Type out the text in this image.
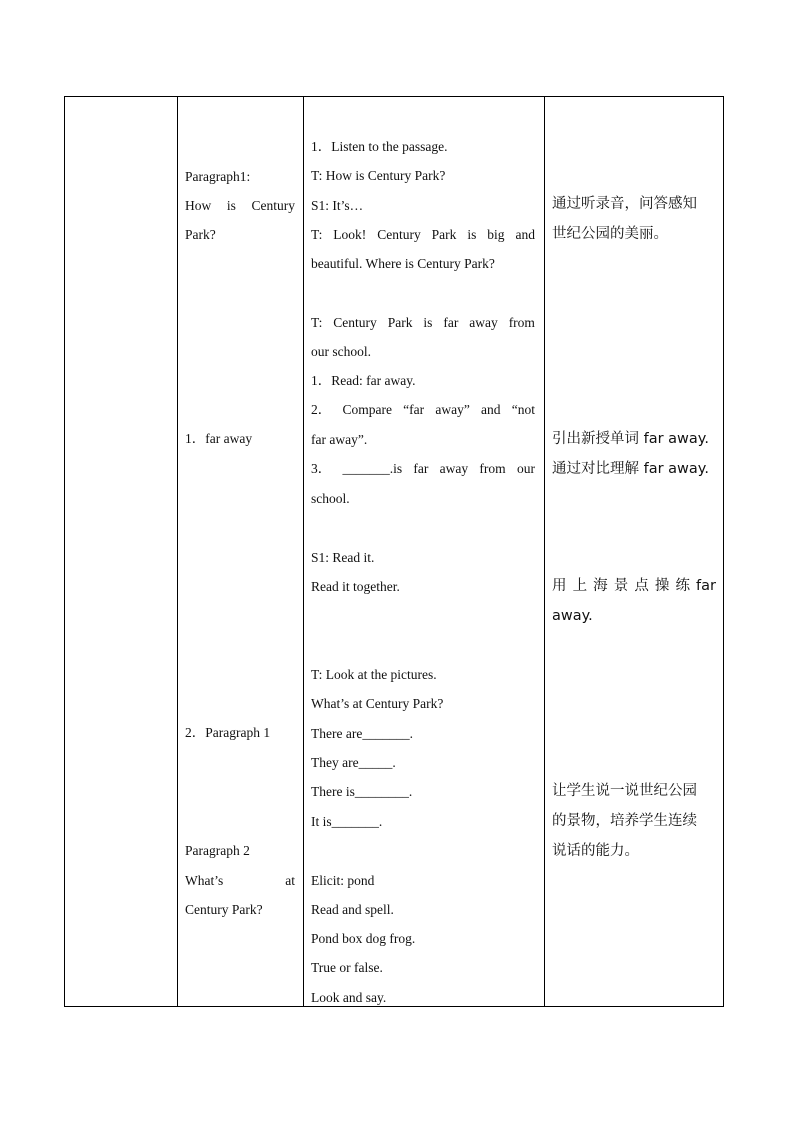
Paragraph1:
How is Century
Park?
1．far away
2．Paragraph 1
Paragraph 2
What’s	at
Century Park?
1．Listen to the passage.
T: How is Century Park?
S1: It’s…
T: Look! Century Park is big and
beautiful. Where is Century Park?
T: Century Park is far away from
our school.
1．Read: far away.
2． Compare “far away” and “not
far away”.
3． _______.is far away from our
school.
S1: Read it.
Read it together.
T: Look at the pictures.
What’s at Century Park?
There are_______.
They are_____.
There is________.
It is_______.
Elicit: pond
Read and spell.
Pond box dog frog.
True or false.
Look and say.
通过听录音，问答感知
世纪公园的美丽。
引出新授单词 far away.
通过对比理解 far away.
用 上 海 景 点 操 练 far
away.
让学生说一说世纪公园
的景物，培养学生连续
说话的能力。
